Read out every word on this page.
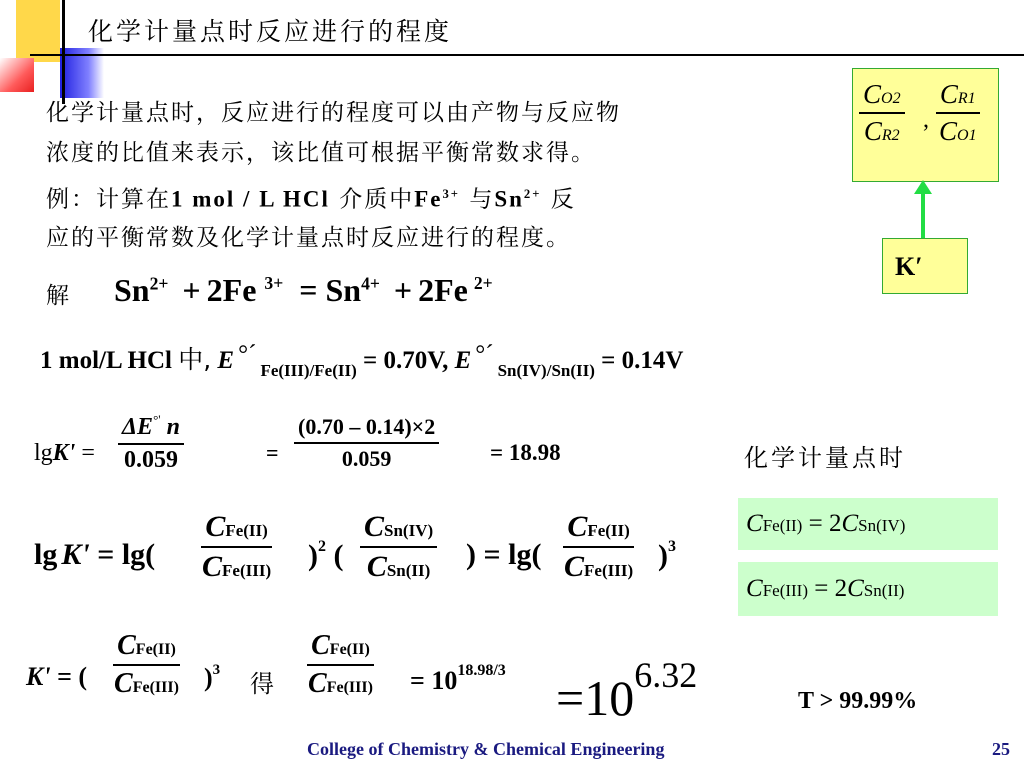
化学计量点时反应进行的程度
化学计量点时，反应进行的程度可以由产物与反应物
浓度的比值来表示，该比值可根据平衡常数求得。
例：计算在1 mol / L HCl 介质中$Fe^{3+}$ 与$Sn^{2+}$ 反
应的平衡常数及化学计量点时反应进行的程度。
解 $Sn^{2+} + 2Fe$ $^{3+} = Sn^{4+} + 2Fe$ $^{2+}$
1 mol/L HCl 中, E $^\circ´_{Fe(III)/Fe(II)} = 0.70V$, E $^\circ´_{Sn(IV)/Sn(II)} = 0.14V$
$\lg K' = \frac{\Delta E^{^\circ'} n}{0.059}$	= $\frac{(0.70 - 0.14)\times 2}{0.059} = 18.98$	化学计量点时
CFe(II) = 2CSn(IV)
CFe(III) = 2CSn(II)
lg K' = lg(
CFe(II)
CFe(III) )$^2$ (
CSn(IV)
CSn(II) ) = lg(
CFe(II)
CFe(III) )$^3$
K' = (
CFe(II)
CFe(III) )$^3$ 得
CFe(II)
$CFe(III) = 10^{18.98/3} =10^{6.32}$
T > 99.99%
$\frac{CO2}{CR2}$ , $\frac{CR1}{CO1}$
K′
College of Chemistry & Chemical Engineering	25
